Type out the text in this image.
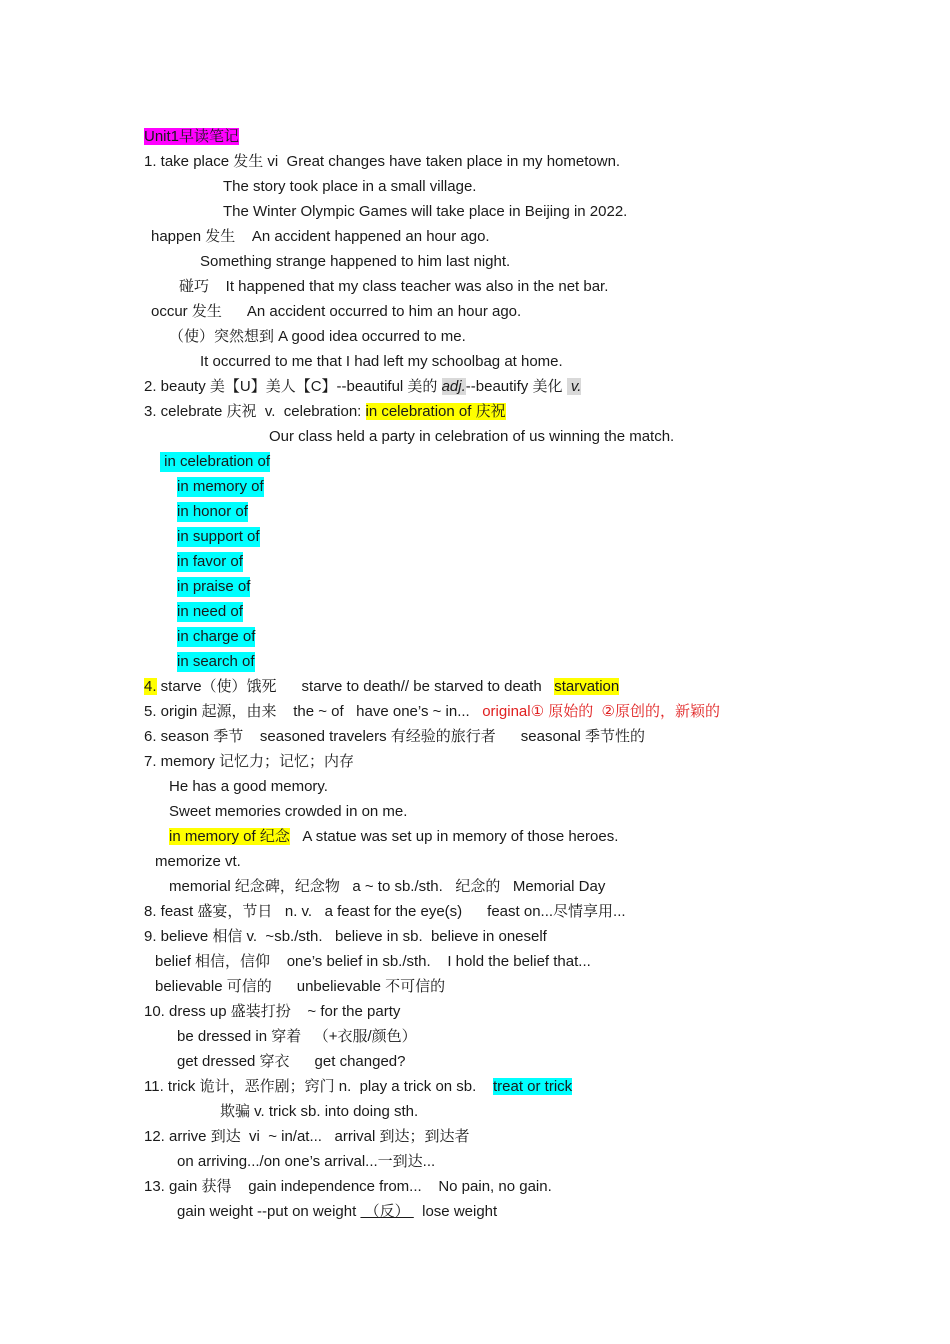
Unit1早读笔记
1. take place 发生 vi  Great changes have taken place in my hometown.
The story took place in a small village.
The Winter Olympic Games will take place in Beijing in 2022.
happen 发生    An accident happened an hour ago.
Something strange happened to him last night.
碰巧    It happened that my class teacher was also in the net bar.
occur 发生      An accident occurred to him an hour ago.
（使）突然想到 A good idea occurred to me.
It occurred to me that I had left my schoolbag at home.
2. beauty 美【U】美人【C】--beautiful 美的 adj.--beautify 美化  v.
3. celebrate 庆祝  v.  celebration: in celebration of 庆祝
Our class held a party in celebration of us winning the match.
in celebration of
in memory of
in honor of
in support of
in favor of
in praise of
in need of
in charge of
in search of
4. starve（使）饿死      starve to death// be starved to death   starvation
5. origin 起源，由来    the ~ of   have one’s ~ in...   original① 原始的  ②原创的，新颖的
6. season 季节    seasoned travelers 有经验的旅行者      seasonal 季节性的
7. memory 记忆力；记忆；内存
He has a good memory.
Sweet memories crowded in on me.
in memory of 纪念   A statue was set up in memory of those heroes.
memorize vt.
memorial 纪念碑，纪念物   a ~ to sb./sth.   纪念的   Memorial Day
8. feast 盛宴，节日   n. v.   a feast for the eye(s)      feast on...尽情享用...
9. believe 相信 v.  ~sb./sth.   believe in sb.  believe in oneself
belief 相信，信仰    one’s belief in sb./sth.    I hold the belief that...
believable 可信的      unbelievable 不可信的
10. dress up 盛装打扮    ~ for the party
be dressed in 穿着   （+衣服/颜色）
get dressed 穿衣      get changed?
11. trick 诡计，恶作剧；窍门 n.  play a trick on sb.    treat or trick
欺骗 v. trick sb. into doing sth.
12. arrive 到达  vi  ~ in/at...   arrival 到达；到达者
on arriving.../on one’s arrival...一到达...
13. gain 获得    gain independence from...    No pain, no gain.
gain weight --put on weight  （反）   lose weight
